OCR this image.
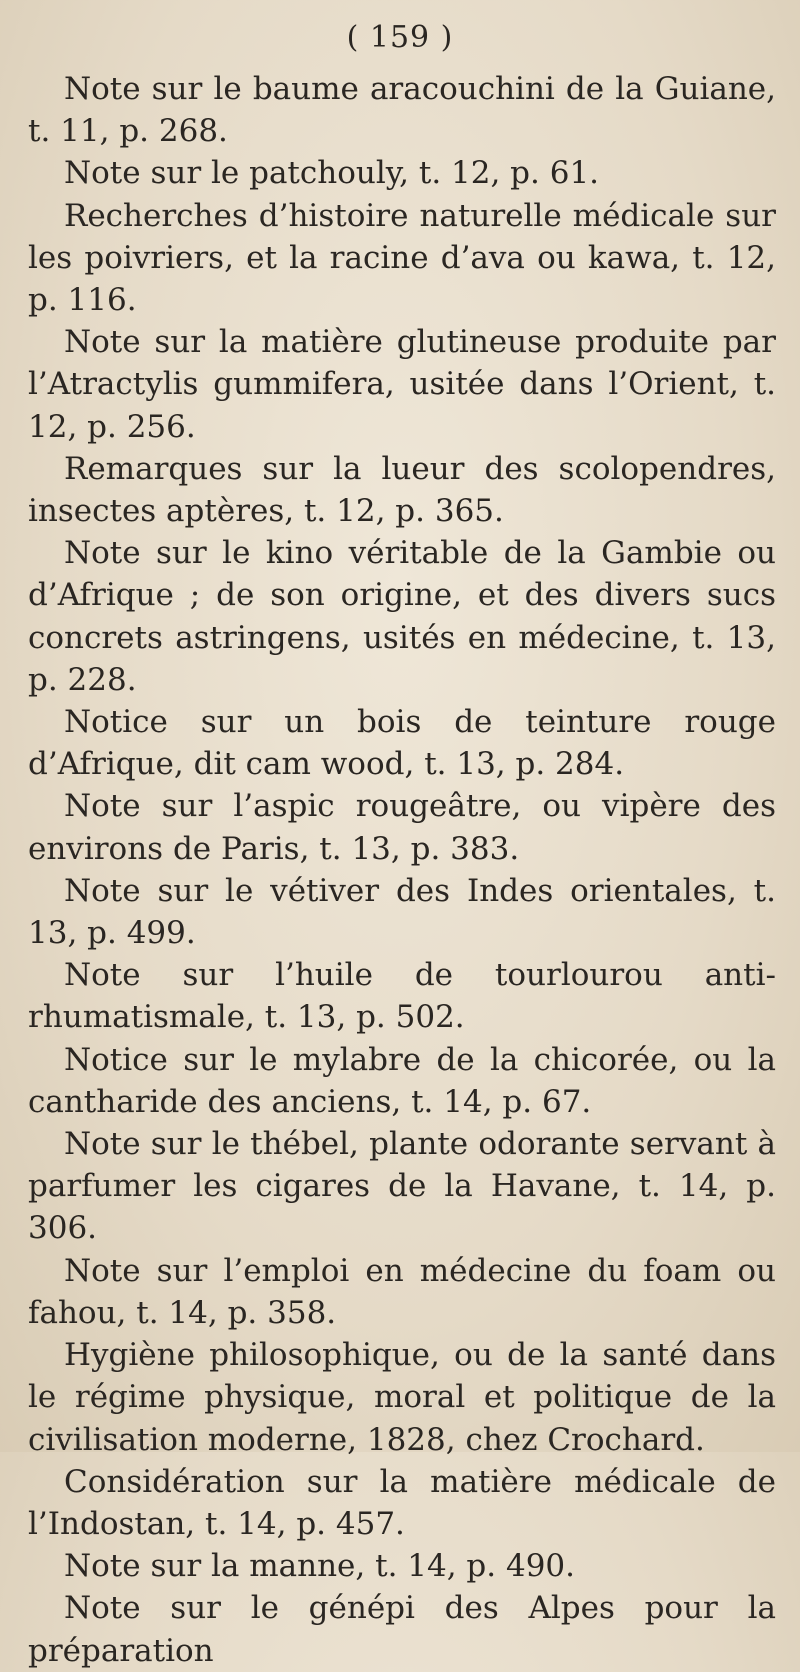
( 159 )

Note sur le baume aracouchini de la Guiane, t. 11, p. 268.

Note sur le patchouly, t. 12, p. 61.

Recherches d’histoire naturelle médicale sur les poivriers, et la racine d’ava ou kawa, t. 12, p. 116.

Note sur la matière glutineuse produite par l’Atractylis gummifera, usitée dans l’Orient, t. 12, p. 256.

Remarques sur la lueur des scolopendres, insectes aptères, t. 12, p. 365.

Note sur le kino véritable de la Gambie ou d’Afrique ; de son origine, et des divers sucs concrets astringens, usités en médecine, t. 13, p. 228.

Notice sur un bois de teinture rouge d’Afrique, dit cam wood, t. 13, p. 284.

Note sur l’aspic rougeâtre, ou vipère des environs de Paris, t. 13, p. 383.

Note sur le vétiver des Indes orientales, t. 13, p. 499.

Note sur l’huile de tourlourou anti-rhumatismale, t. 13, p. 502.

Notice sur le mylabre de la chicorée, ou la cantharide des anciens, t. 14, p. 67.

Note sur le thébel, plante odorante servant à parfumer les cigares de la Havane, t. 14, p. 306.

Note sur l’emploi en médecine du foam ou fahou, t. 14, p. 358.

Hygiène philosophique, ou de la santé dans le régime physique, moral et politique de la civilisation moderne, 1828, chez Crochard.

Considération sur la matière médicale de l’Indostan, t. 14, p. 457.

Note sur la manne, t. 14, p. 490.

Note sur le génépi des Alpes pour la préparation
